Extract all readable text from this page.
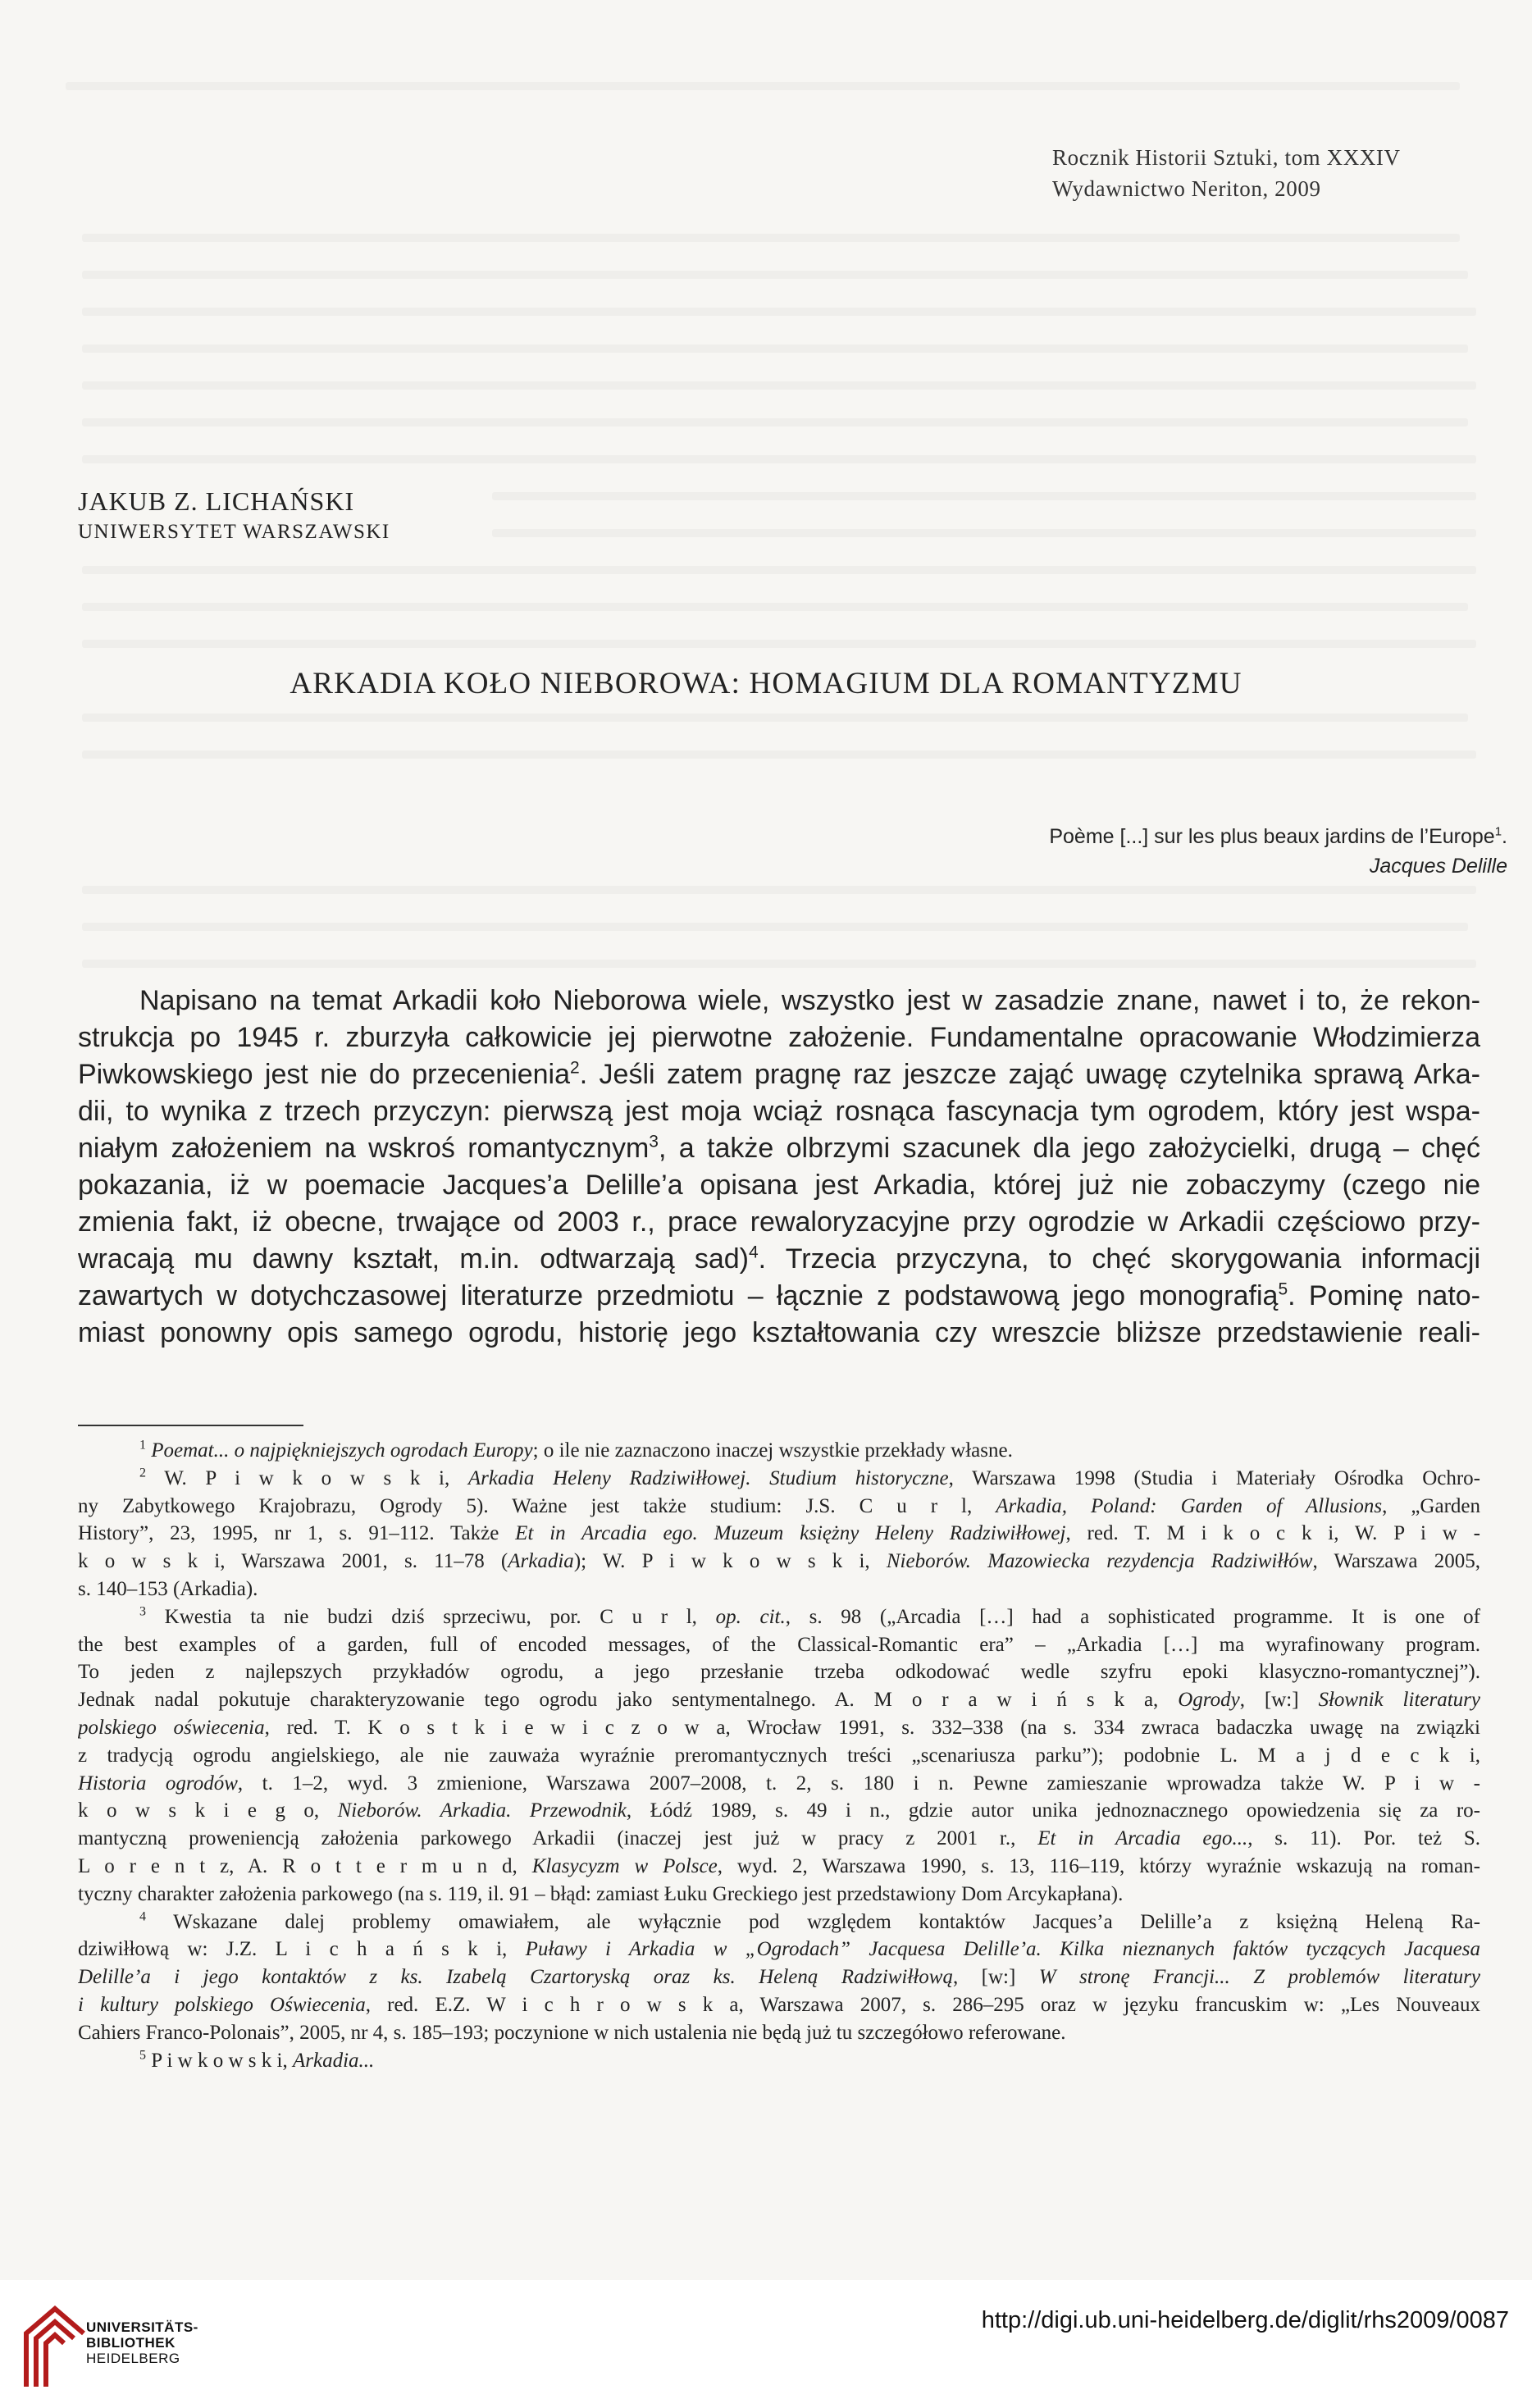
Rocznik Historii Sztuki, tom XXXIV
Wydawnictwo Neriton, 2009
JAKUB Z. LICHAŃSKI
UNIWERSYTET WARSZAWSKI
ARKADIA KOŁO NIEBOROWA: HOMAGIUM DLA ROMANTYZMU
Poème [...] sur les plus beaux jardins de l’Europe$^1$.
Jacques Delille
Napisano na temat Arkadii koło Nieborowa wiele, wszystko jest w zasadzie znane, nawet i to, że rekon-
strukcja po 1945 r. zburzyła całkowicie jej pierwotne założenie. Fundamentalne opracowanie Włodzimierza
Piwkowskiego jest nie do przecenienia$^2$. Jeśli zatem pragnę raz jeszcze zająć uwagę czytelnika sprawą Arka-
dii, to wynika z trzech przyczyn: pierwszą jest moja wciąż rosnąca fascynacja tym ogrodem, który jest wspa-
niałym założeniem na wskroś romantycznym$^3$, a także olbrzymi szacunek dla jego założycielki, drugą – chęć
pokazania, iż w poemacie Jacques’a Delille’a opisana jest Arkadia, której już nie zobaczymy (czego nie
zmienia fakt, iż obecne, trwające od 2003 r., prace rewaloryzacyjne przy ogrodzie w Arkadii częściowo przy-
wracają mu dawny kształt, m.in. odtwarzają sad)$^4$. Trzecia przyczyna, to chęć skorygowania informacji
zawartych w dotychczasowej literaturze przedmiotu – łącznie z podstawową jego monografią$^5$. Pominę nato-
miast ponowny opis samego ogrodu, historię jego kształtowania czy wreszcie bliższe przedstawienie reali-
$^1$ Poemat... o najpiękniejszych ogrodach Europy; o ile nie zaznaczono inaczej wszystkie przekłady własne.
$^2$ W. P i w k o w s k i, Arkadia Heleny Radziwiłłowej. Studium historyczne, Warszawa 1998 (Studia i Materiały Ośrodka Ochro-
ny Zabytkowego Krajobrazu, Ogrody 5). Ważne jest także studium: J.S. C u r l, Arkadia, Poland: Garden of Allusions, „Garden
History”, 23, 1995, nr 1, s. 91–112. Także Et in Arcadia ego. Muzeum księżny Heleny Radziwiłłowej, red. T. M i k o c k i, W. P i w -
k o w s k i, Warszawa 2001, s. 11–78 (Arkadia); W. P i w k o w s k i, Nieborów. Mazowiecka rezydencja Radziwiłłów, Warszawa 2005,
s. 140–153 (Arkadia).
$^3$ Kwestia ta nie budzi dziś sprzeciwu, por. C u r l, op. cit., s. 98 („Arcadia […] had a sophisticated programme. It is one of
the best examples of a garden, full of encoded messages, of the Classical-Romantic era” – „Arkadia […] ma wyrafinowany program.
To jeden z najlepszych przykładów ogrodu, a jego przesłanie trzeba odkodować wedle szyfru epoki klasyczno-romantycznej”).
Jednak nadal pokutuje charakteryzowanie tego ogrodu jako sentymentalnego. A. M o r a w i ń s k a, Ogrody, [w:] Słownik literatury
polskiego oświecenia, red. T. K o s t k i e w i c z o w a, Wrocław 1991, s. 332–338 (na s. 334 zwraca badaczka uwagę na związki
z tradycją ogrodu angielskiego, ale nie zauważa wyraźnie preromantycznych treści „scenariusza parku”); podobnie L. M a j d e c k i,
Historia ogrodów, t. 1–2, wyd. 3 zmienione, Warszawa 2007–2008, t. 2, s. 180 i n. Pewne zamieszanie wprowadza także W. P i w -
k o w s k i e g o, Nieborów. Arkadia. Przewodnik, Łódź 1989, s. 49 i n., gdzie autor unika jednoznacznego opowiedzenia się za ro-
mantyczną proweniencją założenia parkowego Arkadii (inaczej jest już w pracy z 2001 r., Et in Arcadia ego..., s. 11). Por. też S.
L o r e n t z, A. R o t t e r m u n d, Klasycyzm w Polsce, wyd. 2, Warszawa 1990, s. 13, 116–119, którzy wyraźnie wskazują na roman-
tyczny charakter założenia parkowego (na s. 119, il. 91 – błąd: zamiast Łuku Greckiego jest przedstawiony Dom Arcykapłana).
$^4$ Wskazane dalej problemy omawiałem, ale wyłącznie pod względem kontaktów Jacques’a Delille’a z księżną Heleną Ra-
dziwiłłową w: J.Z. L i c h a ń s k i, Puławy i Arkadia w „Ogrodach” Jacquesa Delille’a. Kilka nieznanych faktów tyczących Jacquesa
Delille’a i jego kontaktów z ks. Izabelą Czartoryską oraz ks. Heleną Radziwiłłową, [w:] W stronę Francji... Z problemów literatury
i kultury polskiego Oświecenia, red. E.Z. W i c h r o w s k a, Warszawa 2007, s. 286–295 oraz w języku francuskim w: „Les Nouveaux
Cahiers Franco-Polonais”, 2005, nr 4, s. 185–193; poczynione w nich ustalenia nie będą już tu szczegółowo referowane.
$^5$ P i w k o w s k i, Arkadia...
UNIVERSITÄTS-
BIBLIOTHEK
HEIDELBERG
http://digi.ub.uni-heidelberg.de/diglit/rhs2009/0087
